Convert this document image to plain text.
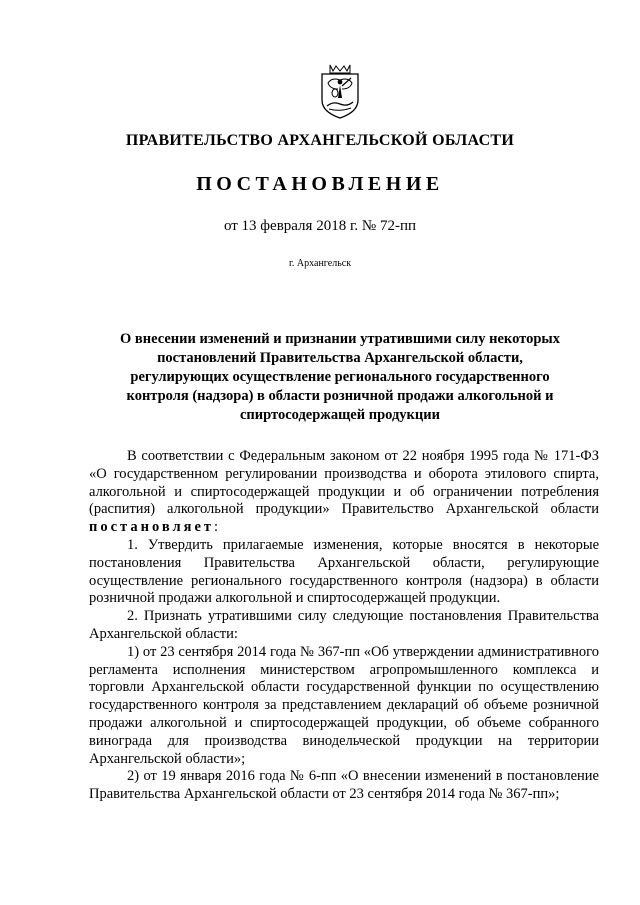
ПРАВИТЕЛЬСТВО АРХАНГЕЛЬСКОЙ ОБЛАСТИ
ПОСТАНОВЛЕНИЕ
от 13 февраля 2018 г. № 72-пп
г. Архангельск
О внесении изменений и признании утратившими силу некоторых постановлений Правительства Архангельской области, регулирующих осуществление регионального государственного контроля (надзора) в области розничной продажи алкогольной и спиртосодержащей продукции

В соответствии с Федеральным законом от 22 ноября 1995 года № 171-ФЗ «О государственном регулировании производства и оборота этилового спирта, алкогольной и спиртосодержащей продукции и об ограничении потребления (распития) алкогольной продукции» Правительство Архангельской области постановляет:

1. Утвердить прилагаемые изменения, которые вносятся в некоторые постановления Правительства Архангельской области, регулирующие осуществление регионального государственного контроля (надзора) в области розничной продажи алкогольной и спиртосодержащей продукции.

2. Признать утратившими силу следующие постановления Правительства Архангельской области:

1) от 23 сентября 2014 года № 367-пп «Об утверждении административного регламента исполнения министерством агропромышленного комплекса и торговли Архангельской области государственной функции по осуществлению государственного контроля за представлением деклараций об объеме розничной продажи алкогольной и спиртосодержащей продукции, об объеме собранного винограда для производства винодельческой продукции на территории Архангельской области»;

2) от 19 января 2016 года № 6-пп «О внесении изменений в постановление Правительства Архангельской области от 23 сентября 2014 года № 367-пп»;
